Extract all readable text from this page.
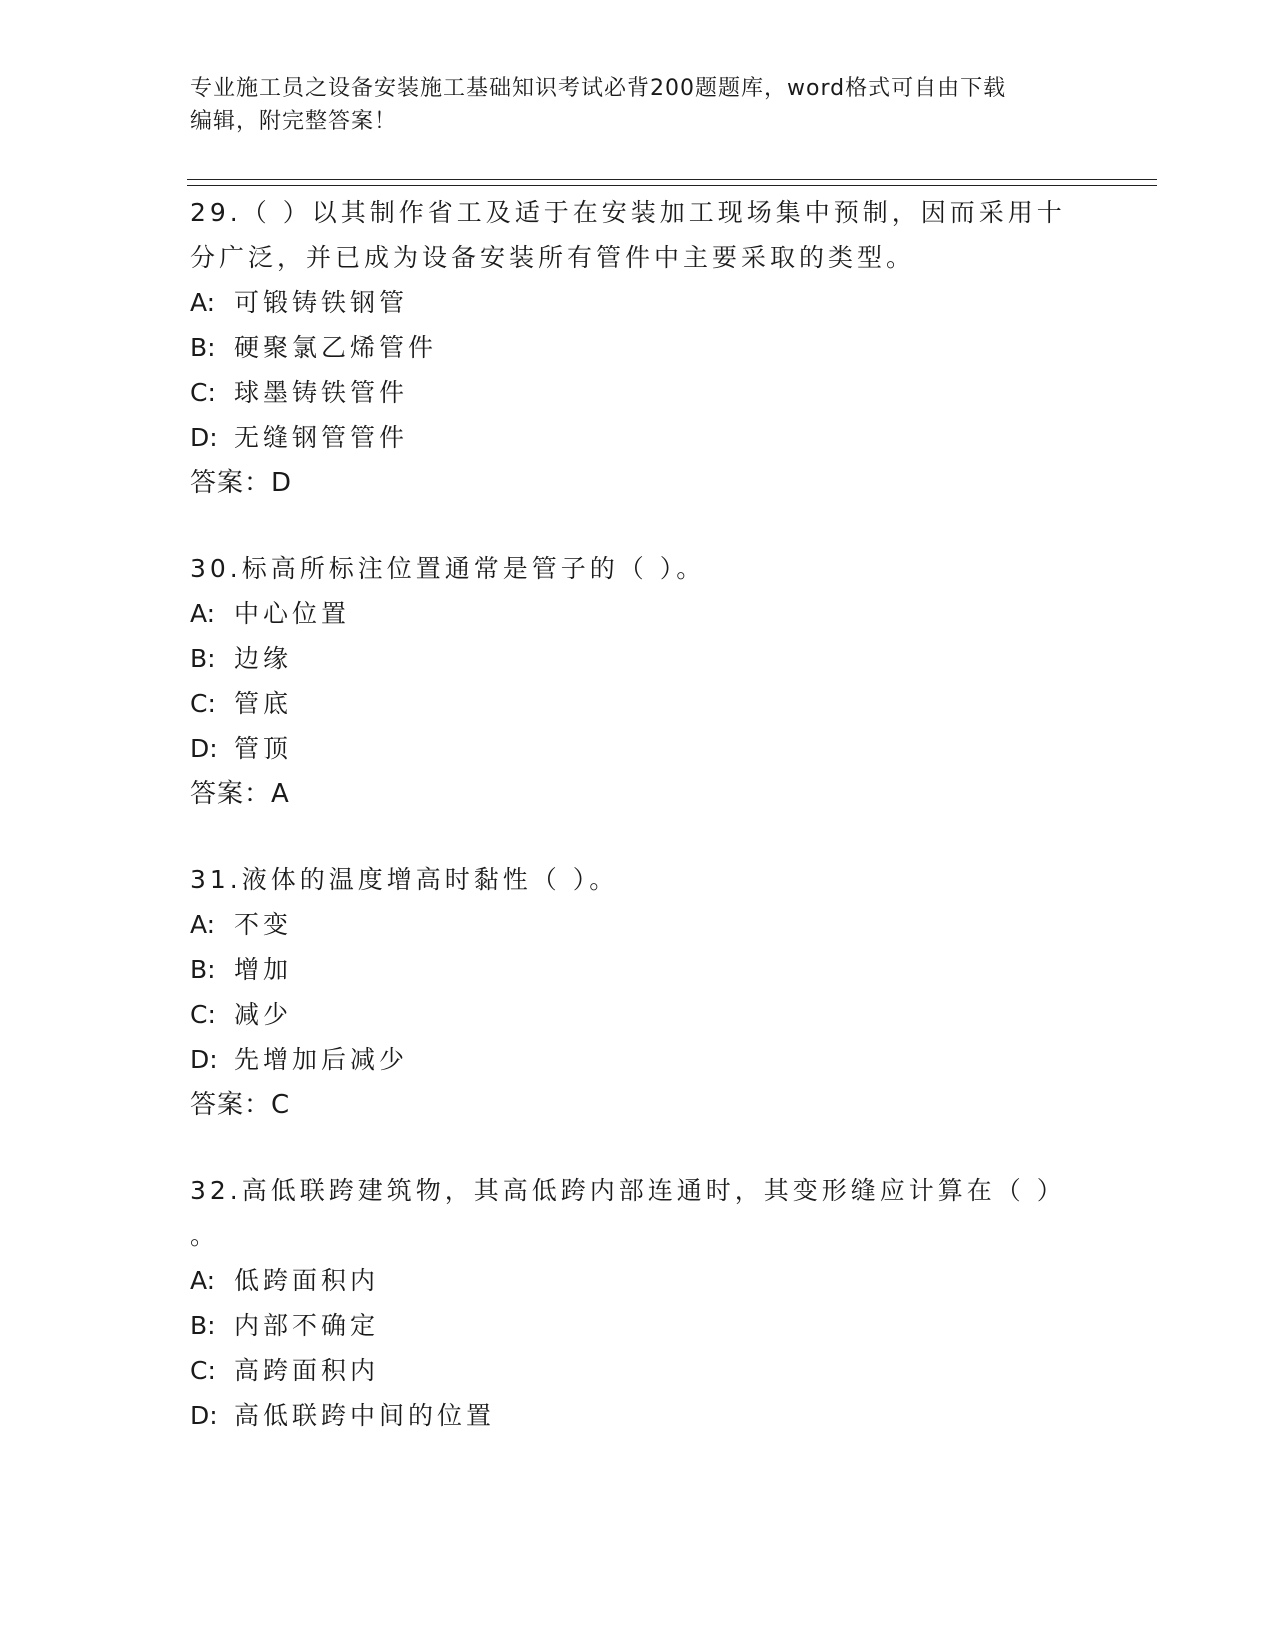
专业施工员之设备安装施工基础知识考试必背200题题库，word格式可自由下载
编辑，附完整答案！
29.（ ）以其制作省工及适于在安装加工现场集中预制，因而采用十
分广泛，并已成为设备安装所有管件中主要采取的类型。
A: 可锻铸铁钢管
B: 硬聚氯乙烯管件
C: 球墨铸铁管件
D: 无缝钢管管件
答案：D
30.标高所标注位置通常是管子的（ ）。
A: 中心位置
B: 边缘
C: 管底
D: 管顶
答案：A
31.液体的温度增高时黏性（ ）。
A: 不变
B: 增加
C: 减少
D: 先增加后减少
答案：C
32.高低联跨建筑物，其高低跨内部连通时，其变形缝应计算在（ ）
。
A: 低跨面积内
B: 内部不确定
C: 高跨面积内
D: 高低联跨中间的位置
